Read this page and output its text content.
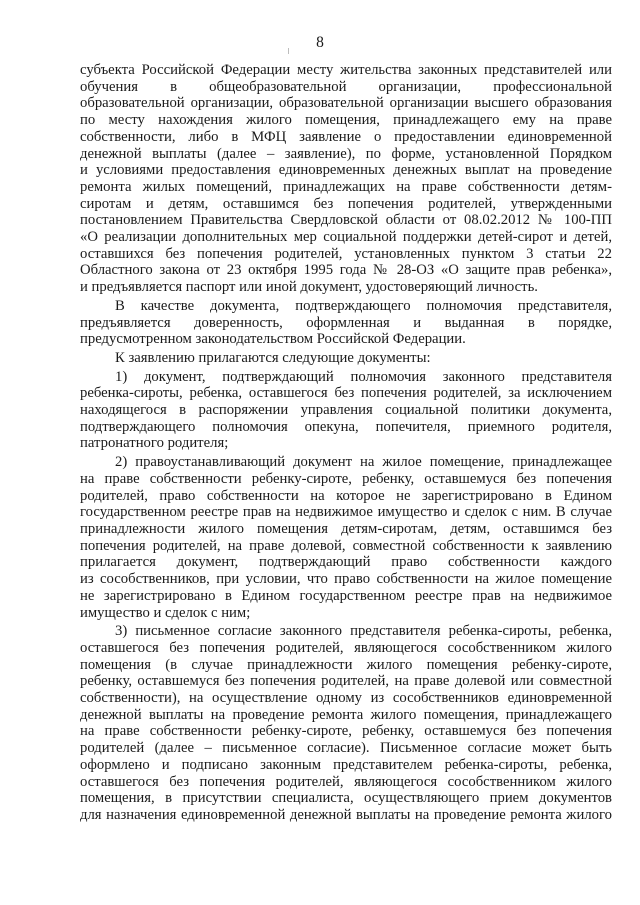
8
субъекта Российской Федерации месту жительства законных представителей или
обучения в общеобразовательной организации, профессиональной
образовательной организации, образовательной организации высшего образования
по месту нахождения жилого помещения, принадлежащего ему на праве
собственности, либо в МФЦ заявление о предоставлении единовременной
денежной выплаты (далее – заявление), по форме, установленной Порядком
и условиями предоставления единовременных денежных выплат на проведение
ремонта жилых помещений, принадлежащих на праве собственности детям-
сиротам и детям, оставшимся без попечения родителей, утвержденными
постановлением Правительства Свердловской области от 08.02.2012 № 100-ПП
«О реализации дополнительных мер социальной поддержки детей-сирот и детей,
оставшихся без попечения родителей, установленных пунктом 3 статьи 22
Областного закона от 23 октября 1995 года № 28-ОЗ «О защите прав ребенка»,
и предъявляется паспорт или иной документ, удостоверяющий личность.
В качестве документа, подтверждающего полномочия представителя,
предъявляется доверенность, оформленная и выданная в порядке,
предусмотренном законодательством Российской Федерации.
К заявлению прилагаются следующие документы:
1) документ, подтверждающий полномочия законного представителя
ребенка-сироты, ребенка, оставшегося без попечения родителей, за исключением
находящегося в распоряжении управления социальной политики документа,
подтверждающего полномочия опекуна, попечителя, приемного родителя,
патронатного родителя;
2) правоустанавливающий документ на жилое помещение, принадлежащее
на праве собственности ребенку-сироте, ребенку, оставшемуся без попечения
родителей, право собственности на которое не зарегистрировано в Едином
государственном реестре прав на недвижимое имущество и сделок с ним. В случае
принадлежности жилого помещения детям-сиротам, детям, оставшимся без
попечения родителей, на праве долевой, совместной собственности к заявлению
прилагается документ, подтверждающий право собственности каждого
из сособственников, при условии, что право собственности на жилое помещение
не зарегистрировано в Едином государственном реестре прав на недвижимое
имущество и сделок с ним;
3) письменное согласие законного представителя ребенка-сироты, ребенка,
оставшегося без попечения родителей, являющегося сособственником жилого
помещения (в случае принадлежности жилого помещения ребенку-сироте,
ребенку, оставшемуся без попечения родителей, на праве долевой или совместной
собственности), на осуществление одному из сособственников единовременной
денежной выплаты на проведение ремонта жилого помещения, принадлежащего
на праве собственности ребенку-сироте, ребенку, оставшемуся без попечения
родителей (далее – письменное согласие). Письменное согласие может быть
оформлено и подписано законным представителем ребенка-сироты, ребенка,
оставшегося без попечения родителей, являющегося сособственником жилого
помещения, в присутствии специалиста, осуществляющего прием документов
для назначения единовременной денежной выплаты на проведение ремонта жилого
